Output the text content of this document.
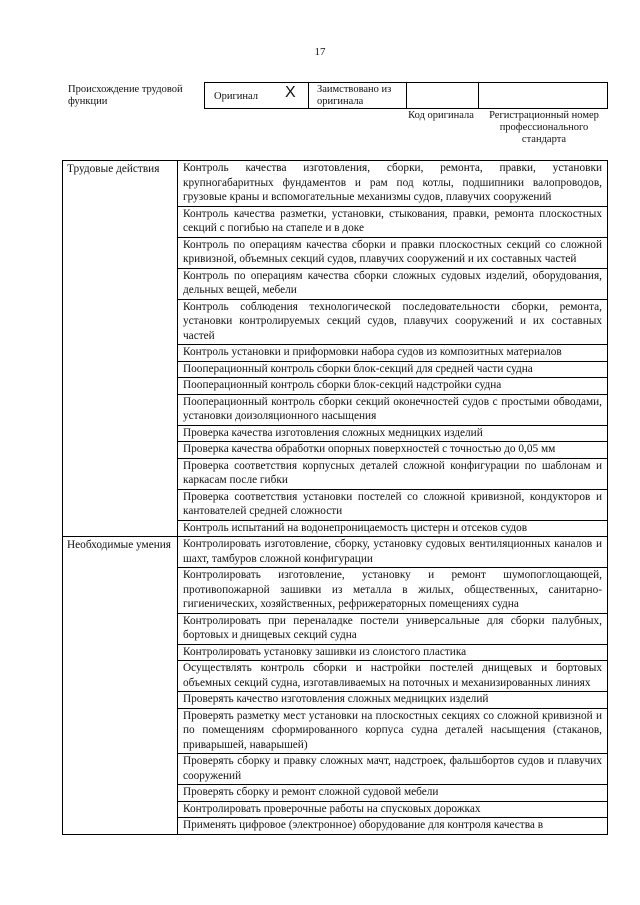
17
Происхождение трудовой функции	Оригинал X Заимствовано из оригинала
Код оригинала	Регистрационный номер профессионального стандарта
Трудовые действия	Контроль качества изготовления, сборки, ремонта, правки, установки крупногабаритных фундаментов и рам под котлы, подшипники валопроводов, грузовые краны и вспомогательные механизмы судов, плавучих сооружений
	Контроль качества разметки, установки, стыкования, правки, ремонта плоскостных секций с погибью на стапеле и в доке
	Контроль по операциям качества сборки и правки плоскостных секций со сложной кривизной, объемных секций судов, плавучих сооружений и их составных частей
	Контроль по операциям качества сборки сложных судовых изделий, оборудования, дельных вещей, мебели
	Контроль соблюдения технологической последовательности сборки, ремонта, установки контролируемых секций судов, плавучих сооружений и их составных частей
	Контроль установки и приформовки набора судов из композитных материалов
	Пооперационный контроль сборки блок-секций для средней части судна
	Пооперационный контроль сборки блок-секций надстройки судна
	Пооперационный контроль сборки секций оконечностей судов с простыми обводами, установки доизоляционного насыщения
	Проверка качества изготовления сложных медницких изделий
	Проверка качества обработки опорных поверхностей с точностью до 0,05 мм
	Проверка соответствия корпусных деталей сложной конфигурации по шаблонам и каркасам после гибки
	Проверка соответствия установки постелей со сложной кривизной, кондукторов и кантователей средней сложности
	Контроль испытаний на водонепроницаемость цистерн и отсеков судов
Необходимые умения	Контролировать изготовление, сборку, установку судовых вентиляционных каналов и шахт, тамбуров сложной конфигурации
	Контролировать изготовление, установку и ремонт шумопоглощающей, противопожарной зашивки из металла в жилых, общественных, санитарно-гигиенических, хозяйственных, рефрижераторных помещениях судна
	Контролировать при переналадке постели универсальные для сборки палубных, бортовых и днищевых секций судна
	Контролировать установку зашивки из слоистого пластика
	Осуществлять контроль сборки и настройки постелей днищевых и бортовых объемных секций судна, изготавливаемых на поточных и механизированных линиях
	Проверять качество изготовления сложных медницких изделий
	Проверять разметку мест установки на плоскостных секциях со сложной кривизной и по помещениям сформированного корпуса судна деталей насыщения (стаканов, приварышей, наварышей)
	Проверять сборку и правку сложных мачт, надстроек, фальшбортов судов и плавучих сооружений
	Проверять сборку и ремонт сложной судовой мебели
	Контролировать проверочные работы на спусковых дорожках
	Применять цифровое (электронное) оборудование для контроля качества в
